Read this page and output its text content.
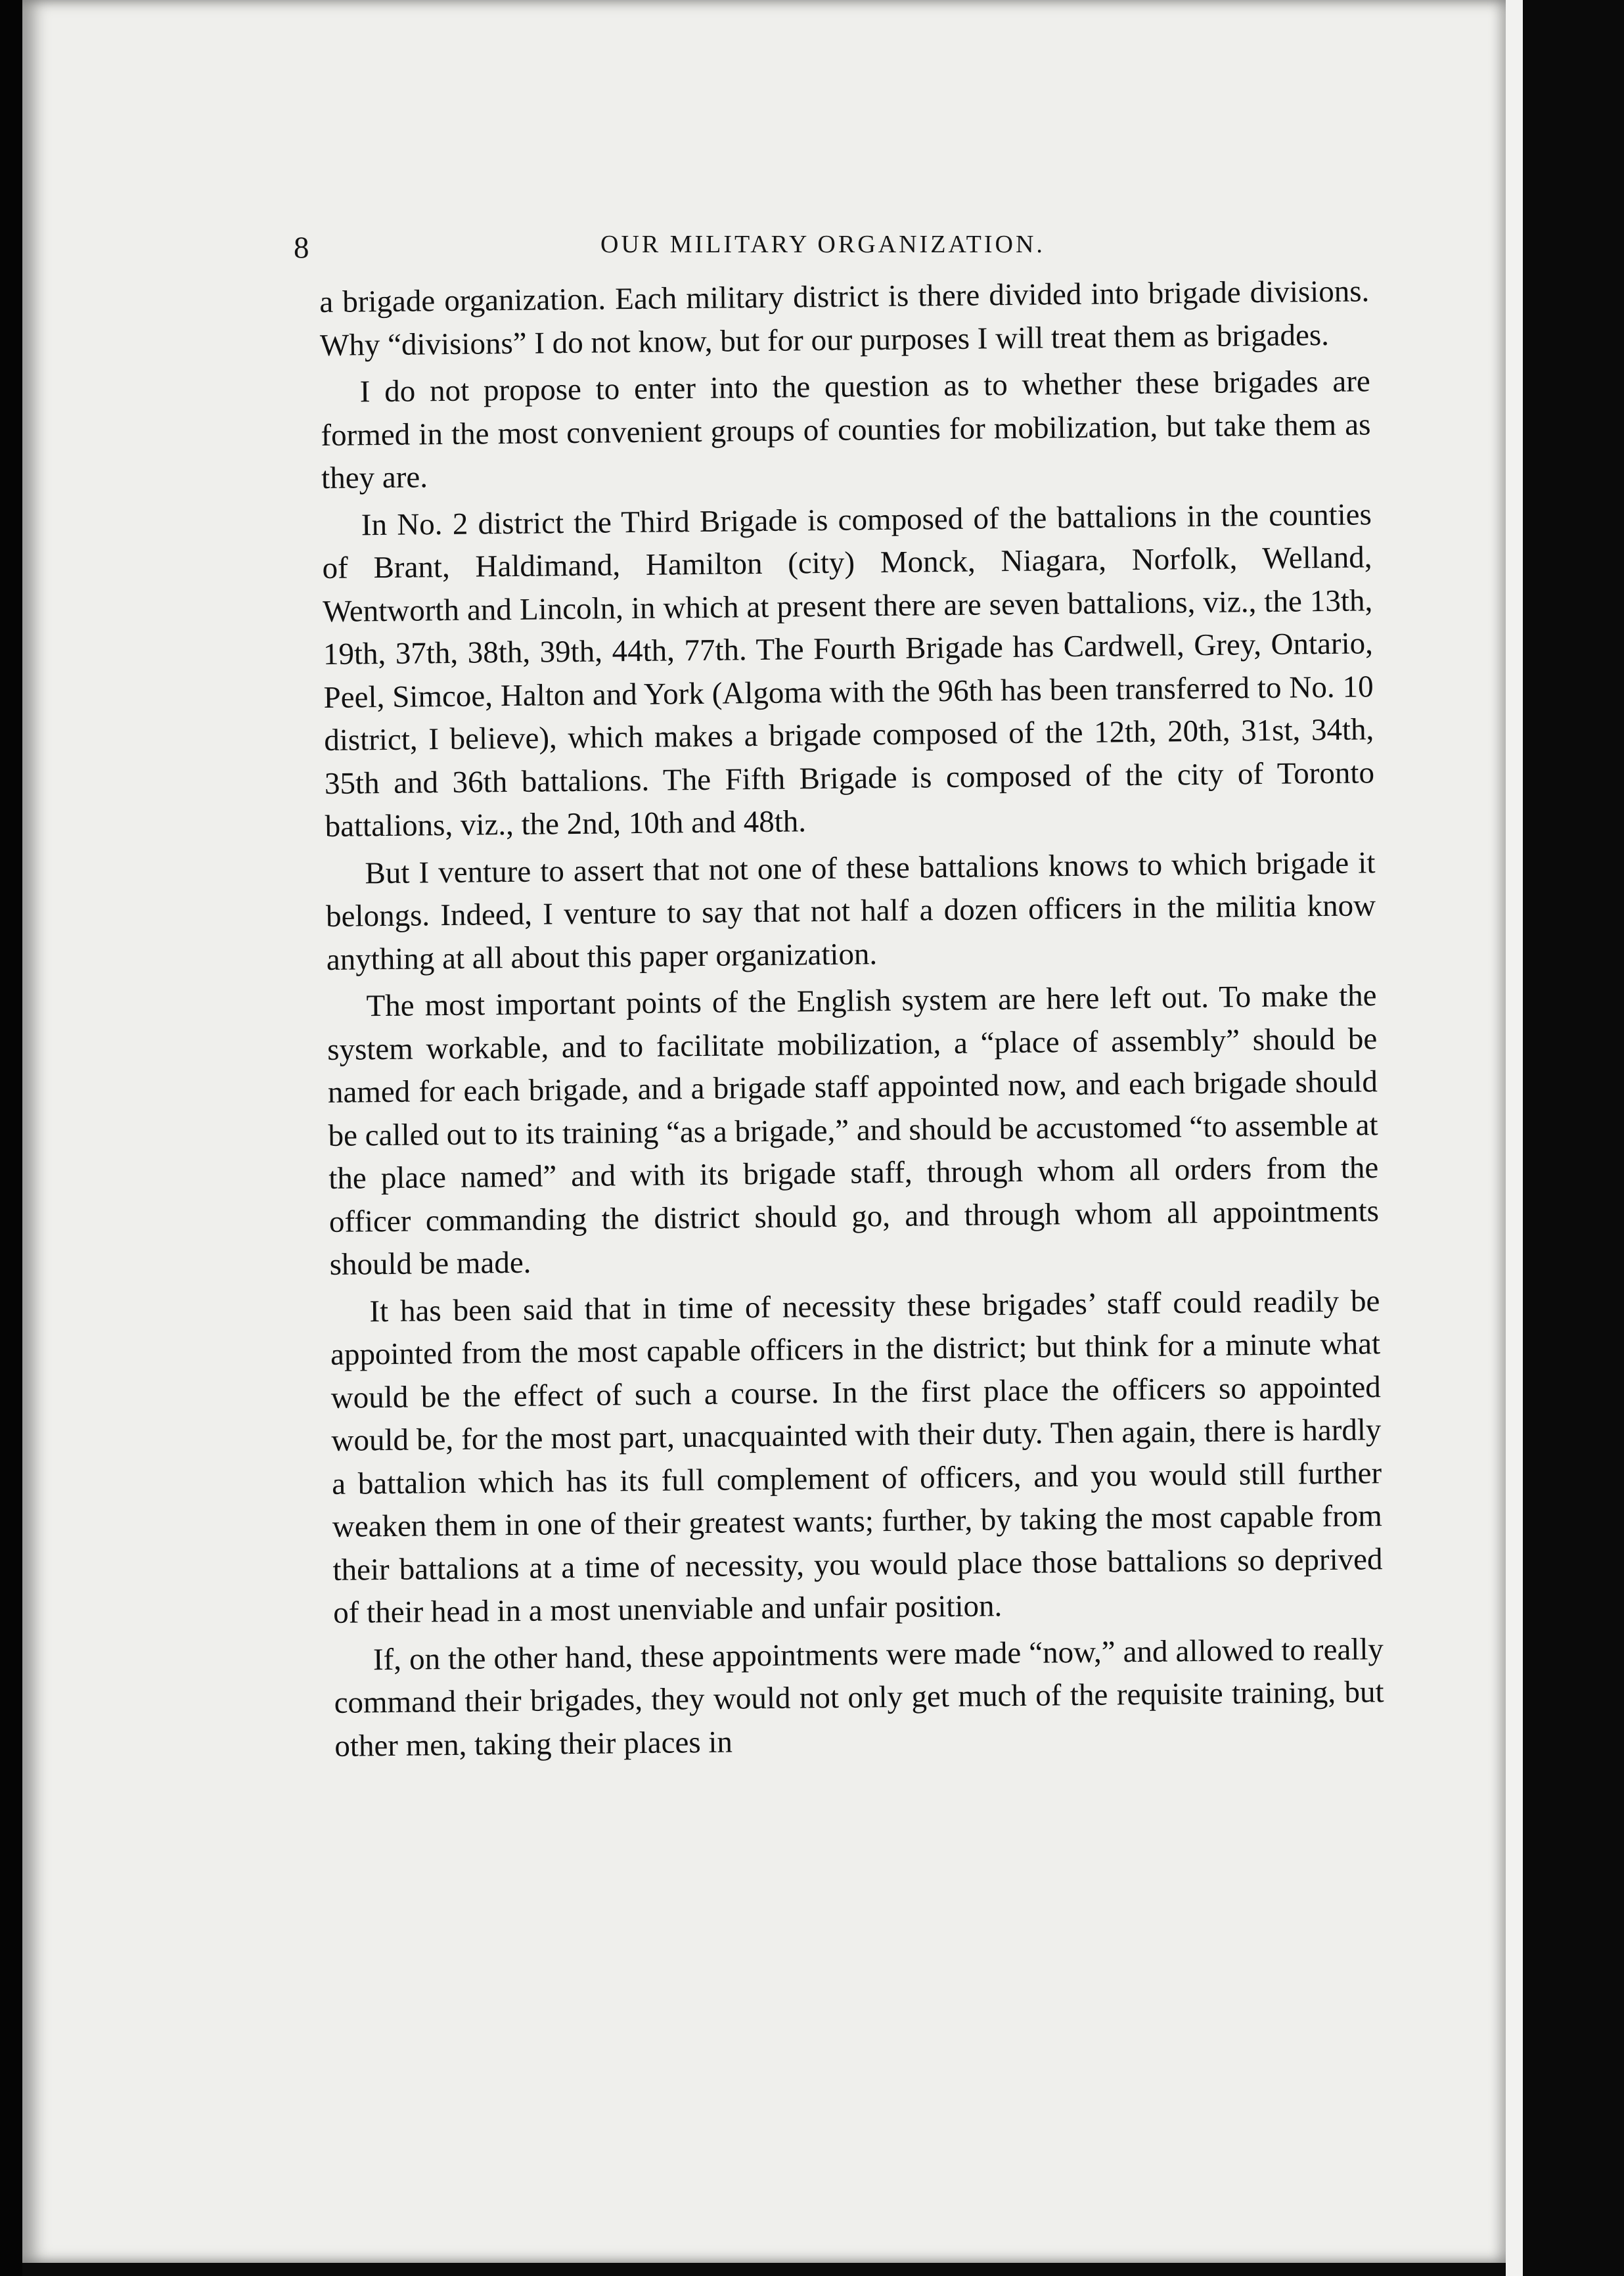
8	OUR MILITARY ORGANIZATION.

a brigade organization. Each military district is there divided into brigade divisions. Why “divisions” I do not know, but for our purposes I will treat them as brigades.

I do not propose to enter into the question as to whether these brigades are formed in the most convenient groups of counties for mobilization, but take them as they are.

In No. 2 district the Third Brigade is composed of the battalions in the counties of Brant, Haldimand, Hamilton (city) Monck, Niagara, Norfolk, Welland, Wentworth and Lincoln, in which at present there are seven battalions, viz., the 13th, 19th, 37th, 38th, 39th, 44th, 77th. The Fourth Brigade has Cardwell, Grey, Ontario, Peel, Simcoe, Halton and York (Algoma with the 96th has been transferred to No. 10 district, I believe), which makes a brigade composed of the 12th, 20th, 31st, 34th, 35th and 36th battalions. The Fifth Brigade is composed of the city of Toronto battalions, viz., the 2nd, 10th and 48th.

But I venture to assert that not one of these battalions knows to which brigade it belongs. Indeed, I venture to say that not half a dozen officers in the militia know anything at all about this paper organization.

The most important points of the English system are here left out. To make the system workable, and to facilitate mobilization, a “place of assembly” should be named for each brigade, and a brigade staff appointed now, and each brigade should be called out to its training “as a brigade,” and should be accustomed “to assemble at the place named” and with its brigade staff, through whom all orders from the officer commanding the district should go, and through whom all appointments should be made.

It has been said that in time of necessity these brigades’ staff could readily be appointed from the most capable officers in the district; but think for a minute what would be the effect of such a course. In the first place the officers so appointed would be, for the most part, unacquainted with their duty. Then again, there is hardly a battalion which has its full complement of officers, and you would still further weaken them in one of their greatest wants; further, by taking the most capable from their battalions at a time of necessity, you would place those battalions so deprived of their head in a most unenviable and unfair position.

If, on the other hand, these appointments were made “now,” and allowed to really command their brigades, they would not only get much of the requisite training, but other men, taking their places in
